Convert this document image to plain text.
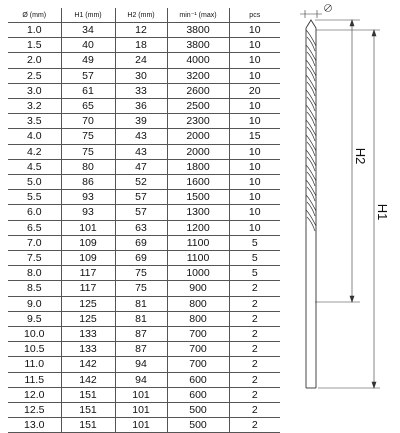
Ø (mm)	H1 (mm)	H2 (mm)	min⁻¹ (max)	pcs
1.0	34	12	3800	10
1.5	40	18	3800	10
2.0	49	24	4000	10
2.5	57	30	3200	10
3.0	61	33	2600	20
3.2	65	36	2500	10
3.5	70	39	2300	10
4.0	75	43	2000	15
4.2	75	43	2000	10
4.5	80	47	1800	10
5.0	86	52	1600	10
5.5	93	57	1500	10
6.0	93	57	1300	10
6.5	101	63	1200	10
7.0	109	69	1100	5
7.5	109	69	1100	5
8.0	117	75	1000	5
8.5	117	75	900	2
9.0	125	81	800	2
9.5	125	81	800	2
10.0	133	87	700	2
10.5	133	87	700	2
11.0	142	94	700	2
11.5	142	94	600	2
12.0	151	101	600	2
12.5	151	101	500	2
13.0	151	101	500	2
H2
H1
